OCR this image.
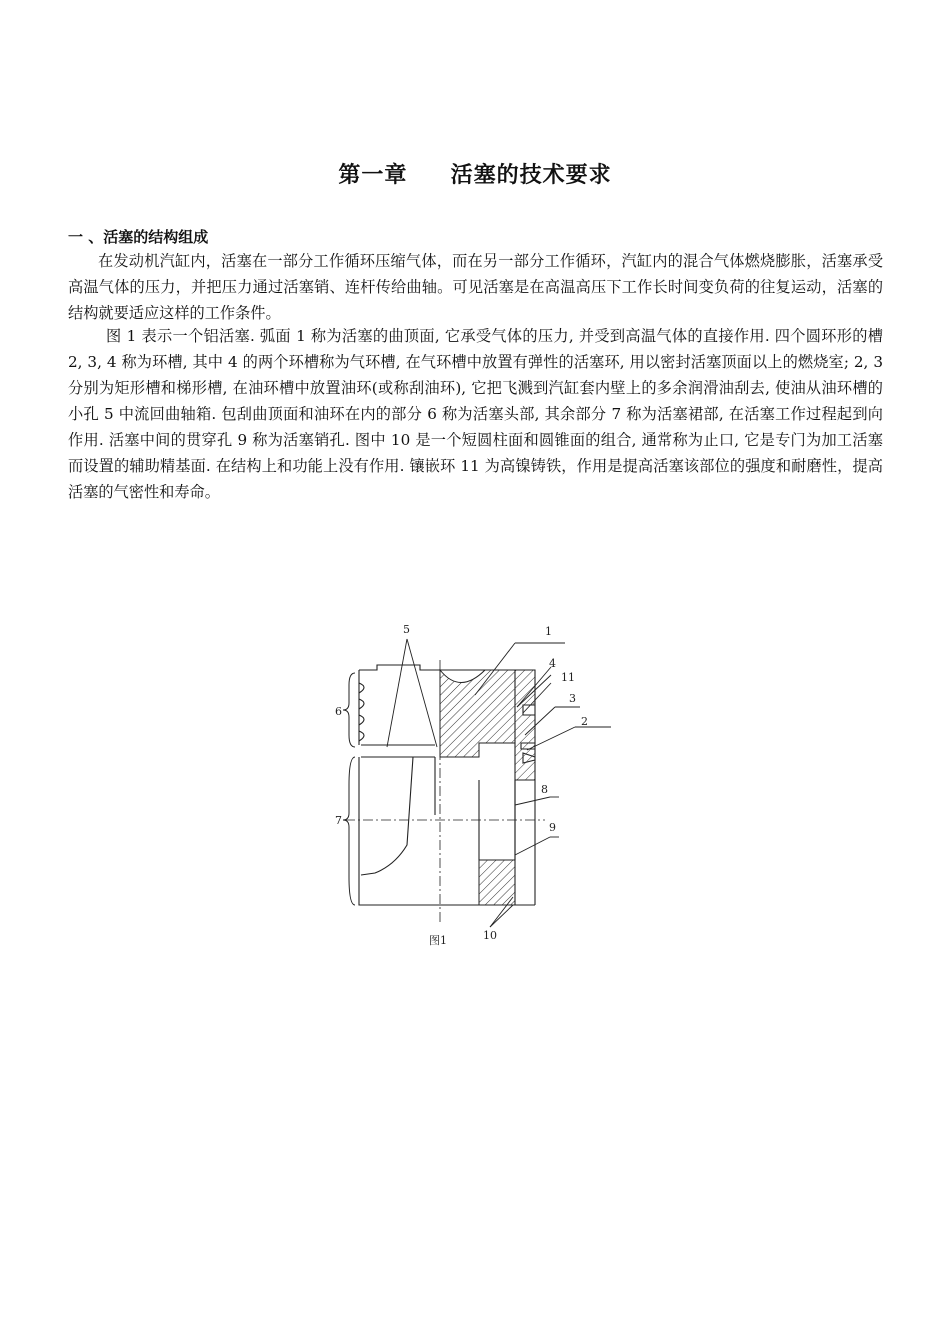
第一章     活塞的技术要求
一 、活塞的结构组成

在发动机汽缸内，活塞在一部分工作循环压缩气体，而在另一部分工作循环，汽缸内的混合气体燃烧膨胀，活塞承受高温气体的压力，并把压力通过活塞销、连杆传给曲轴。可见活塞是在高温高压下工作长时间变负荷的往复运动，活塞的结构就要适应这样的工作条件。

图 1 表示一个铝活塞. 弧面 1 称为活塞的曲顶面, 它承受气体的压力, 并受到高温气体的直接作用. 四个圆环形的槽 2, 3, 4 称为环槽, 其中 4 的两个环槽称为气环槽, 在气环槽中放置有弹性的活塞环, 用以密封活塞顶面以上的燃烧室; 2, 3 分别为矩形槽和梯形槽, 在油环槽中放置油环(或称刮油环), 它把飞溅到汽缸套内壁上的多余润滑油刮去, 使油从油环槽的小孔 5 中流回曲轴箱. 包刮曲顶面和油环在内的部分 6 称为活塞头部, 其余部分 7 称为活塞裙部, 在活塞工作过程起到向作用. 活塞中间的贯穿孔 9 称为活塞销孔. 图中 10 是一个短圆柱面和圆锥面的组合, 通常称为止口, 它是专门为加工活塞而设置的辅助精基面. 在结构上和功能上没有作用. 镶嵌环 11 为高镍铸铁，作用是提高活塞该部位的强度和耐磨性，提高活塞的气密性和寿命。

5	1
4
11
3
2
6
7
8
9
10
图1
